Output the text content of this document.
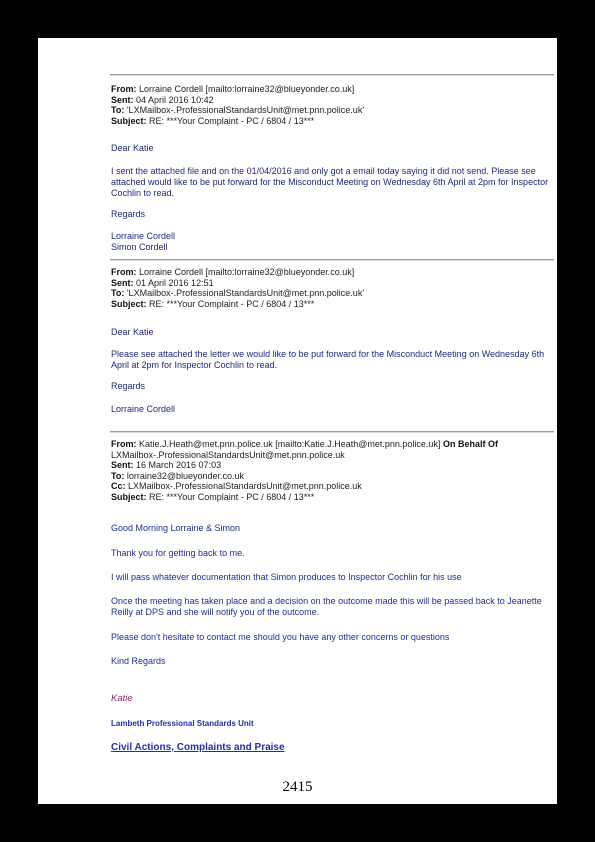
From: Lorraine Cordell [mailto:lorraine32@blueyonder.co.uk]
Sent: 04 April 2016 10:42
To: 'LXMailbox-.ProfessionalStandardsUnit@met.pnn.police.uk'
Subject: RE: ***Your Complaint - PC / 6804 / 13***
Dear Katie
I sent the attached file and on the 01/04/2016 and only got a email today saying it did not send. Please see attached would like to be put forward for the Misconduct Meeting on Wednesday 6th April at 2pm for Inspector Cochlin to read.
Regards
Lorraine Cordell
Simon Cordell
From: Lorraine Cordell [mailto:lorraine32@blueyonder.co.uk]
Sent: 01 April 2016 12:51
To: 'LXMailbox-.ProfessionalStandardsUnit@met.pnn.police.uk'
Subject: RE: ***Your Complaint - PC / 6804 / 13***
Dear Katie
Please see attached the letter we would like to be put forward for the Misconduct Meeting on Wednesday 6th April at 2pm for Inspector Cochlin to read.
Regards
Lorraine Cordell
From: Katie.J.Heath@met.pnn.police.uk [mailto:Katie.J.Heath@met.pnn.police.uk] On Behalf Of
LXMailbox-.ProfessionalStandardsUnit@met.pnn.police.uk
Sent: 16 March 2016 07:03
To: lorraine32@blueyonder.co.uk
Cc: LXMailbox-.ProfessionalStandardsUnit@met.pnn.police.uk
Subject: RE: ***Your Complaint - PC / 6804 / 13***
Good Morning Lorraine & Simon
Thank you for getting back to me.
I will pass whatever documentation that Simon produces to Inspector Cochlin for his use
Once the meeting has taken place and a decision on the outcome made this will be passed back to Jeanette Reilly at DPS and she will notify you of the outcome.
Please don't hesitate to contact me should you have any other concerns or questions
Kind Regards
Katie
Lambeth Professional Standards Unit
Civil Actions, Complaints and Praise
2415
